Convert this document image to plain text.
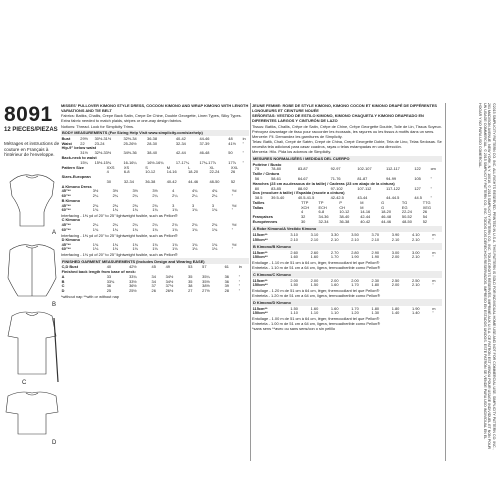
8091
12 PIECES/PIEZAS
Métrages et instructions de couture en Français à l'intérieur de l'enveloppe.
A
B
C
D

MISSES' PULLOVER KIMONO STYLE DRESS, COCOON KIMONO AND WRAP KIMONO WITH LENGTH VARIATIONS AND TIE BELT

Fabrics: Batiks, Challis, Crepe Back Satin, Crepe De Chine, Double Georgette, Linen Types, Silky Types. Extra fabric needed to match plaids, stripes or one-way design fabrics.

Notions: Thread. Look for Simplicity Trims.

BODY MEASUREMENTS (For Sizing Help Visit www.simplicity.com/sizehelp)
Bust	29½	30½-31½	32½-34	36-38	40-42	44-46	48	in
Waist	22	23-24	25-26½	28-30	32-34	37-39	41½	"
Hip-9" below waist								
	31½	32½-33½	34½-36	38-40	42-44	46-48	50	"
Back-neck to waist								
	15¼	15½-15¾	16-16¼	16½-16¾	17-17¼	17¾-17⅞	17⅞	"
Pattern Size	XXS	XS	S	M	L	XL	XXL	
	4	6-8	10-12	14-16	18-20	22-24	26	
Sizes-European								
	30	32-34	36-38	40-42	44-46	48-50	52	
A Kimono Dress								
45"**	3½	3½	3½	3½	4	4¾	4¾	Yd
60"**	2¼	2¼	2¼	2¼	2¼	2¼	2¼	"
B Kimono								
45"**	2¾	2¾	2¾	2¾	3	3	3	Yd
60"**	1¾	1¾	1¾	1¾	1¾	1¾	1¾	"

Interfacing - 1⅜ yd of 20" to 25" lightweight fusible, such as Pellon®

C Kimono								
45"**	2¼	2¼	2¼	2¼	2¾	2¾	2¾	Yd
60"**	1¾	1¾	1¾	1¾	1¾	1¾	1¾	"

Interfacing - 1⅜ yd of 20" to 25" lightweight fusible, such as Pellon®

D Kimono								
45"**	1¾	1¾	1¾	1¾	1¾	1¾	1¾	Yd
60"**	1⅛	1⅛	1⅛	1⅛	1⅛	1⅛	1⅛	"

Interfacing - 1⅛ yd of 20" to 25" lightweight fusible, such as Pellon®

FINISHED GARMENT MEASUREMENTS (Includes Design and Wearing EASE)
C,D Bust	40	42½	45	49	53	57	61	in
Finished back length from base of neck:								
A	33	33¾	34	34½	35	35¼	36	"
B	33¾	33½	34	34½	35	35½	36	"
C	36	36½	37	37½	38	38½	39	"
D	25	25½	26	26½	27	27½	28	"

*without nap **with or without nap

JEUNE FEMME: ROBE DE STYLE KIMONO, KIMONO COCON ET KIMONO DRAPÉ DE DIFFÉRENTES LONGUEURS ET CEINTURE NOUÉE

SEÑORITAS: VESTIDO DE ESTILO KIMONO, KIMONO CHAQUETA Y KIMONO DRAPEADO EN DIFERENTES LARGOS Y CINTURÓN DE LAZO

Tissus: Batiks, Challis, Crêpe de Satin, Crêpe de Chine, Crêpe Georgette Double, Toile de Lin, Tissus Soyeux. Prévoyez davantage de tissu pour raccorder les écossais, les rayures ou les tissus à motifs dans un sens.

Mercerie: Fil. Demandez les garnitures de Simplicity.

Telas: Batik, Chalí, Crepé de Satén, Crepé de China, Crepé Georgette Doble, Tela de Lino, Telas Sedosas. Se necesita tela adicional para casar cuadros, rayas o telas estampadas en una dirección.

Mercería: Hilo. Pida los adornos de Simplicity.

MESURES NORMALISÉES / MEDIDAS DEL CUERPO
Poitrine / Busto								
	75	78-80	83-87	92-97	102-107	112-117	122	cm
Taille / Cintura								
	56	58-61	64-67	71-76	81-87	94-99	105	"
Hanches (23 cm au-dessous de la taille) / Caderas (23 cm abajo de la cintura)								
	80	83-85	88-92	97-102	107-112	117-122	127	"
Dos (encolure à taille) / Espalda (escote a cintura)								
	38.5	39.5-40	40.5-41.5	42-42.5	43-44	44-44.5	44.5	"
Tailles	TTP	TP	P	M	G	TG	TTG	
Tallas	XCH	ECH	CH	M	G	EG	XEG	
	4	6-8	10-12	14-16	18-20	22-24	26	
Françaises	32	34-36	38-40	42-44	46-48	50-52	54	
Européennes	30	32-34	36-38	40-42	44-46	48-50	52	
A Robe Kimono/A Vestido Kimono
115cm**	3.10	3.10	3.30	3.50	3.70	3.90	4.10	m
150cm**	2.10	2.10	2.10	2.10	2.10	2.10	2.10	"
B Kimono/B Kimono
115cm**	2.60	2.60	2.70	2.80	2.90	3.00	3.00	m
150cm**	1.60	1.60	1.70	1.90	1.90	2.00	2.10	"

Entoilage - 1.10 m de 51 cm à 64 cm, léger, thermocollant tel que Pellon®

Entretela - 1.10 m de 51 cm a 64 cm, ligera, termoadherible como Pellon®

C Kimono/C Kimono
115cm**	2.00	2.00	2.00	2.00	2.30	2.50	2.50	m
150cm**	1.50	1.50	1.60	1.70	1.80	2.00	2.10	"

Entoilage - 1.20 m de 51 cm à 64 cm, léger, thermocollant tel que Pellon®

Entretela - 1.20 m de 51 cm a 64 cm, ligera, termoadherible como Pellon®

D Kimono/D Kimono
115cm**	1.50	1.60	1.60	1.70	1.80	1.80	1.90	m
150cm**	1.10	1.10	1.10	1.20	1.30	1.40	1.40	"

Entoilage - 1.00 m de 51 cm à 64 cm, léger, thermocollant tel que Pellon®

Entretela - 1.00 m de 51 cm a 64 cm, ligera, termoadherible como Pellon®

*sans sens **avec ou sans sens/con o sin pelillo	©2015 SIMPLICITY PATTERN CO. INC. ALL RIGHTS RESERVED. PRINTED IN U.S.A. THIS PATTERN IS SOLD FOR INDIVIDUAL HOME USE AND NOT FOR COMMERCIAL USE. SIMPLICITY PATTERN CO. INC., 261 MADISON AVENUE, NEW YORK, N.Y. 10016. © 2015 SIMPLICITY PATTERN CO., INC. TOUS DROITS RÉSERVÉS. IMPRIMÉ AUX U.S.A. CE PATRON EST VENDU POUR USAGE INDIVIDUEL ET NON POUR UN USAGE COMMERCIAL. © 2015 SIMPLICITY PATTERN CO., INC. TODOS LOS DERECHOS RESERVADOS. IMPRESO EN ESTADOS UNIDOS. ESTE PATRÓN SE VENDE PARA USO INDIVIDUAL EN EL HOGAR Y NO PARA USO COMERCIAL.
